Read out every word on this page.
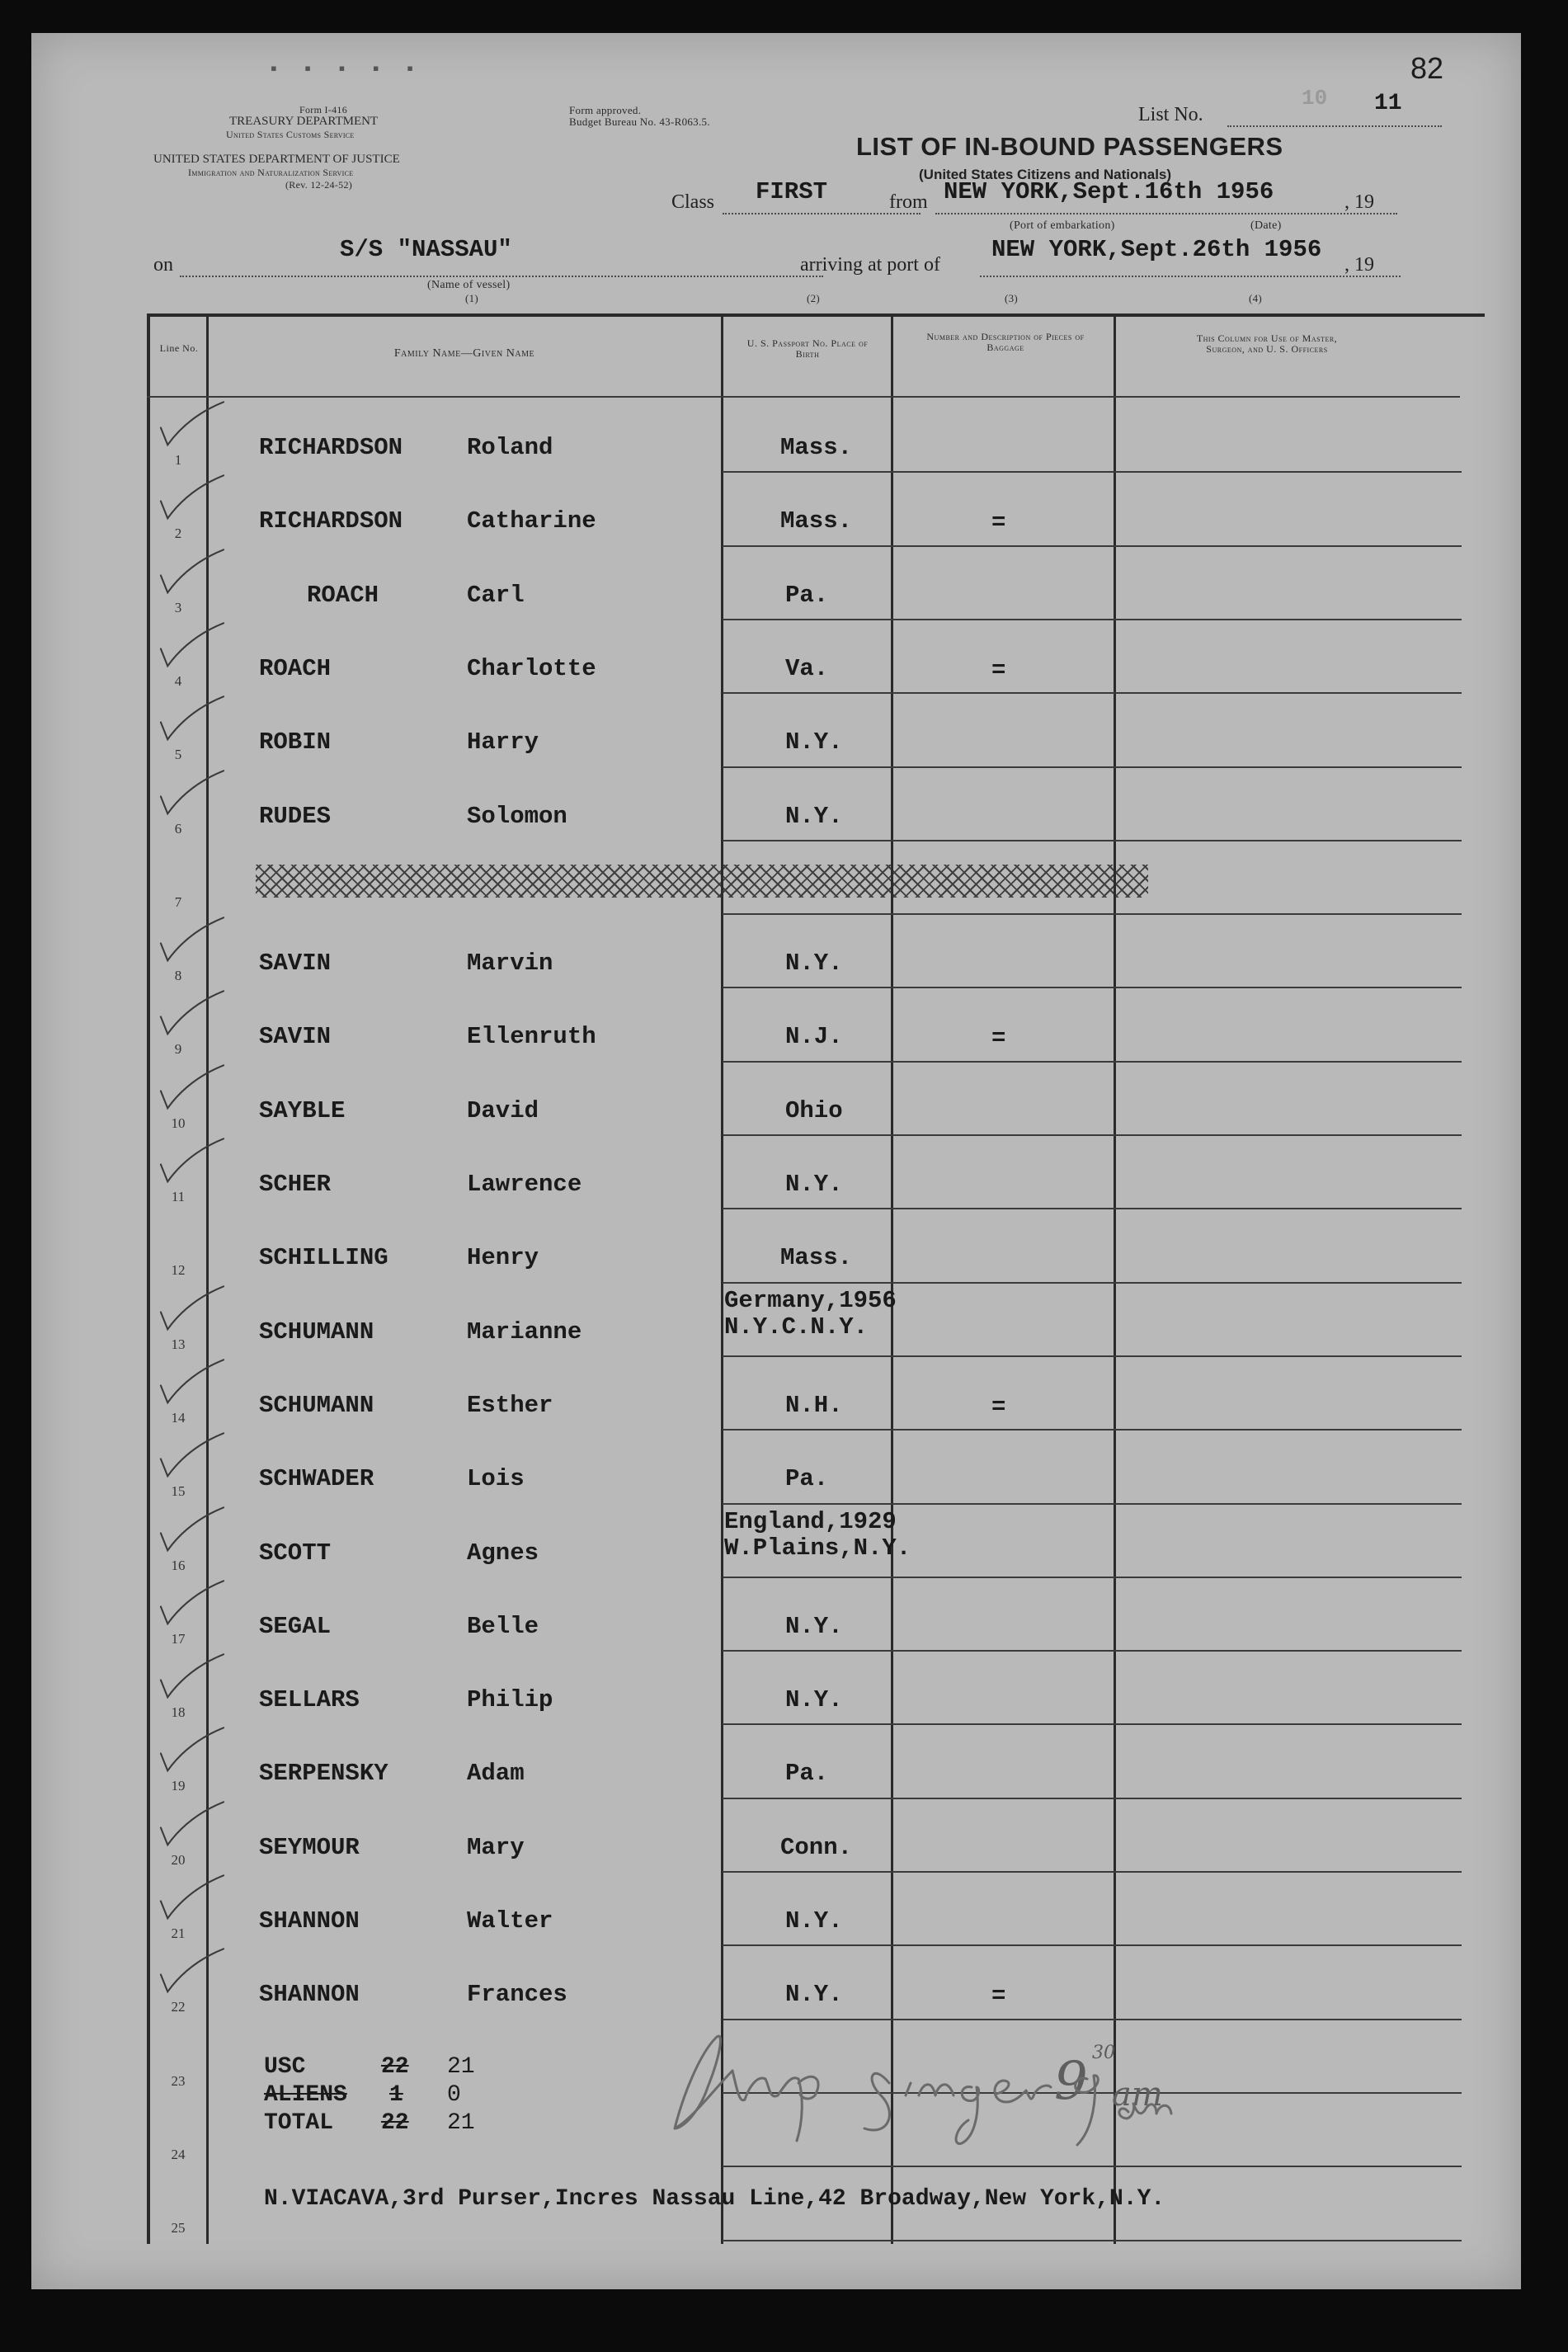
▪ ▪ ▪ ▪ ▪	82
Form I-416
TREASURY DEPARTMENT
United States Customs Service
UNITED STATES DEPARTMENT OF JUSTICE
Immigration and Naturalization Service
(Rev. 12-24-52)
Form approved.
Budget Bureau No. 43-R063.5.	List No.
10 11
LIST OF IN-BOUND PASSENGERS
(United States Citizens and Nationals)
Class FIRST	from NEW YORK,Sept.16th 1956	, 19
(Port of embarkation)	(Date)
on
S/S "NASSAU"
(Name of vessel)
(1)
arriving at port of
NEW YORK,Sept.26th 1956
, 19
(2)	(3)	(4)
Line No.	Family Name—Given Name
U. S. Passport No. Place of Birth
Number and Description of Pieces of Baggage
This Column for Use of Master, Surgeon, and U. S. Officers
1	RICHARDSON	Roland	Mass.
2	RICHARDSON	Catharine	Mass.	=
3	ROACH	Carl	Pa.
4	ROACH	Charlotte	Va.	=
5	ROBIN	Harry	N.Y.
6	RUDES	Solomon	N.Y.
7
8	SAVIN	Marvin	N.Y.
9	SAVIN	Ellenruth	N.J.	=
10	SAYBLE	David	Ohio
11	SCHER	Lawrence	N.Y.
12	SCHILLING	Henry	Mass.
13	SCHUMANN	Marianne
Germany,1956
N.Y.C.N.Y.
14	SCHUMANN	Esther	N.H.	=
15	SCHWADER	Lois	Pa.
16	SCOTT	Agnes
England,1929
W.Plains,N.Y.
17	SEGAL	Belle	N.Y.
18	SELLARS	Philip	N.Y.
19	SERPENSKY	Adam	Pa.
20	SEYMOUR	Mary	Conn.
21	SHANNON	Walter	N.Y.
22	SHANNON	Frances	N.Y.	=
23
24
25
9 am
USC	22 21
ALIENS 1 0
TOTAL 22 21
30
N.VIACAVA,3rd Purser,Incres Nassau Line,42 Broadway,New York,N.Y.
